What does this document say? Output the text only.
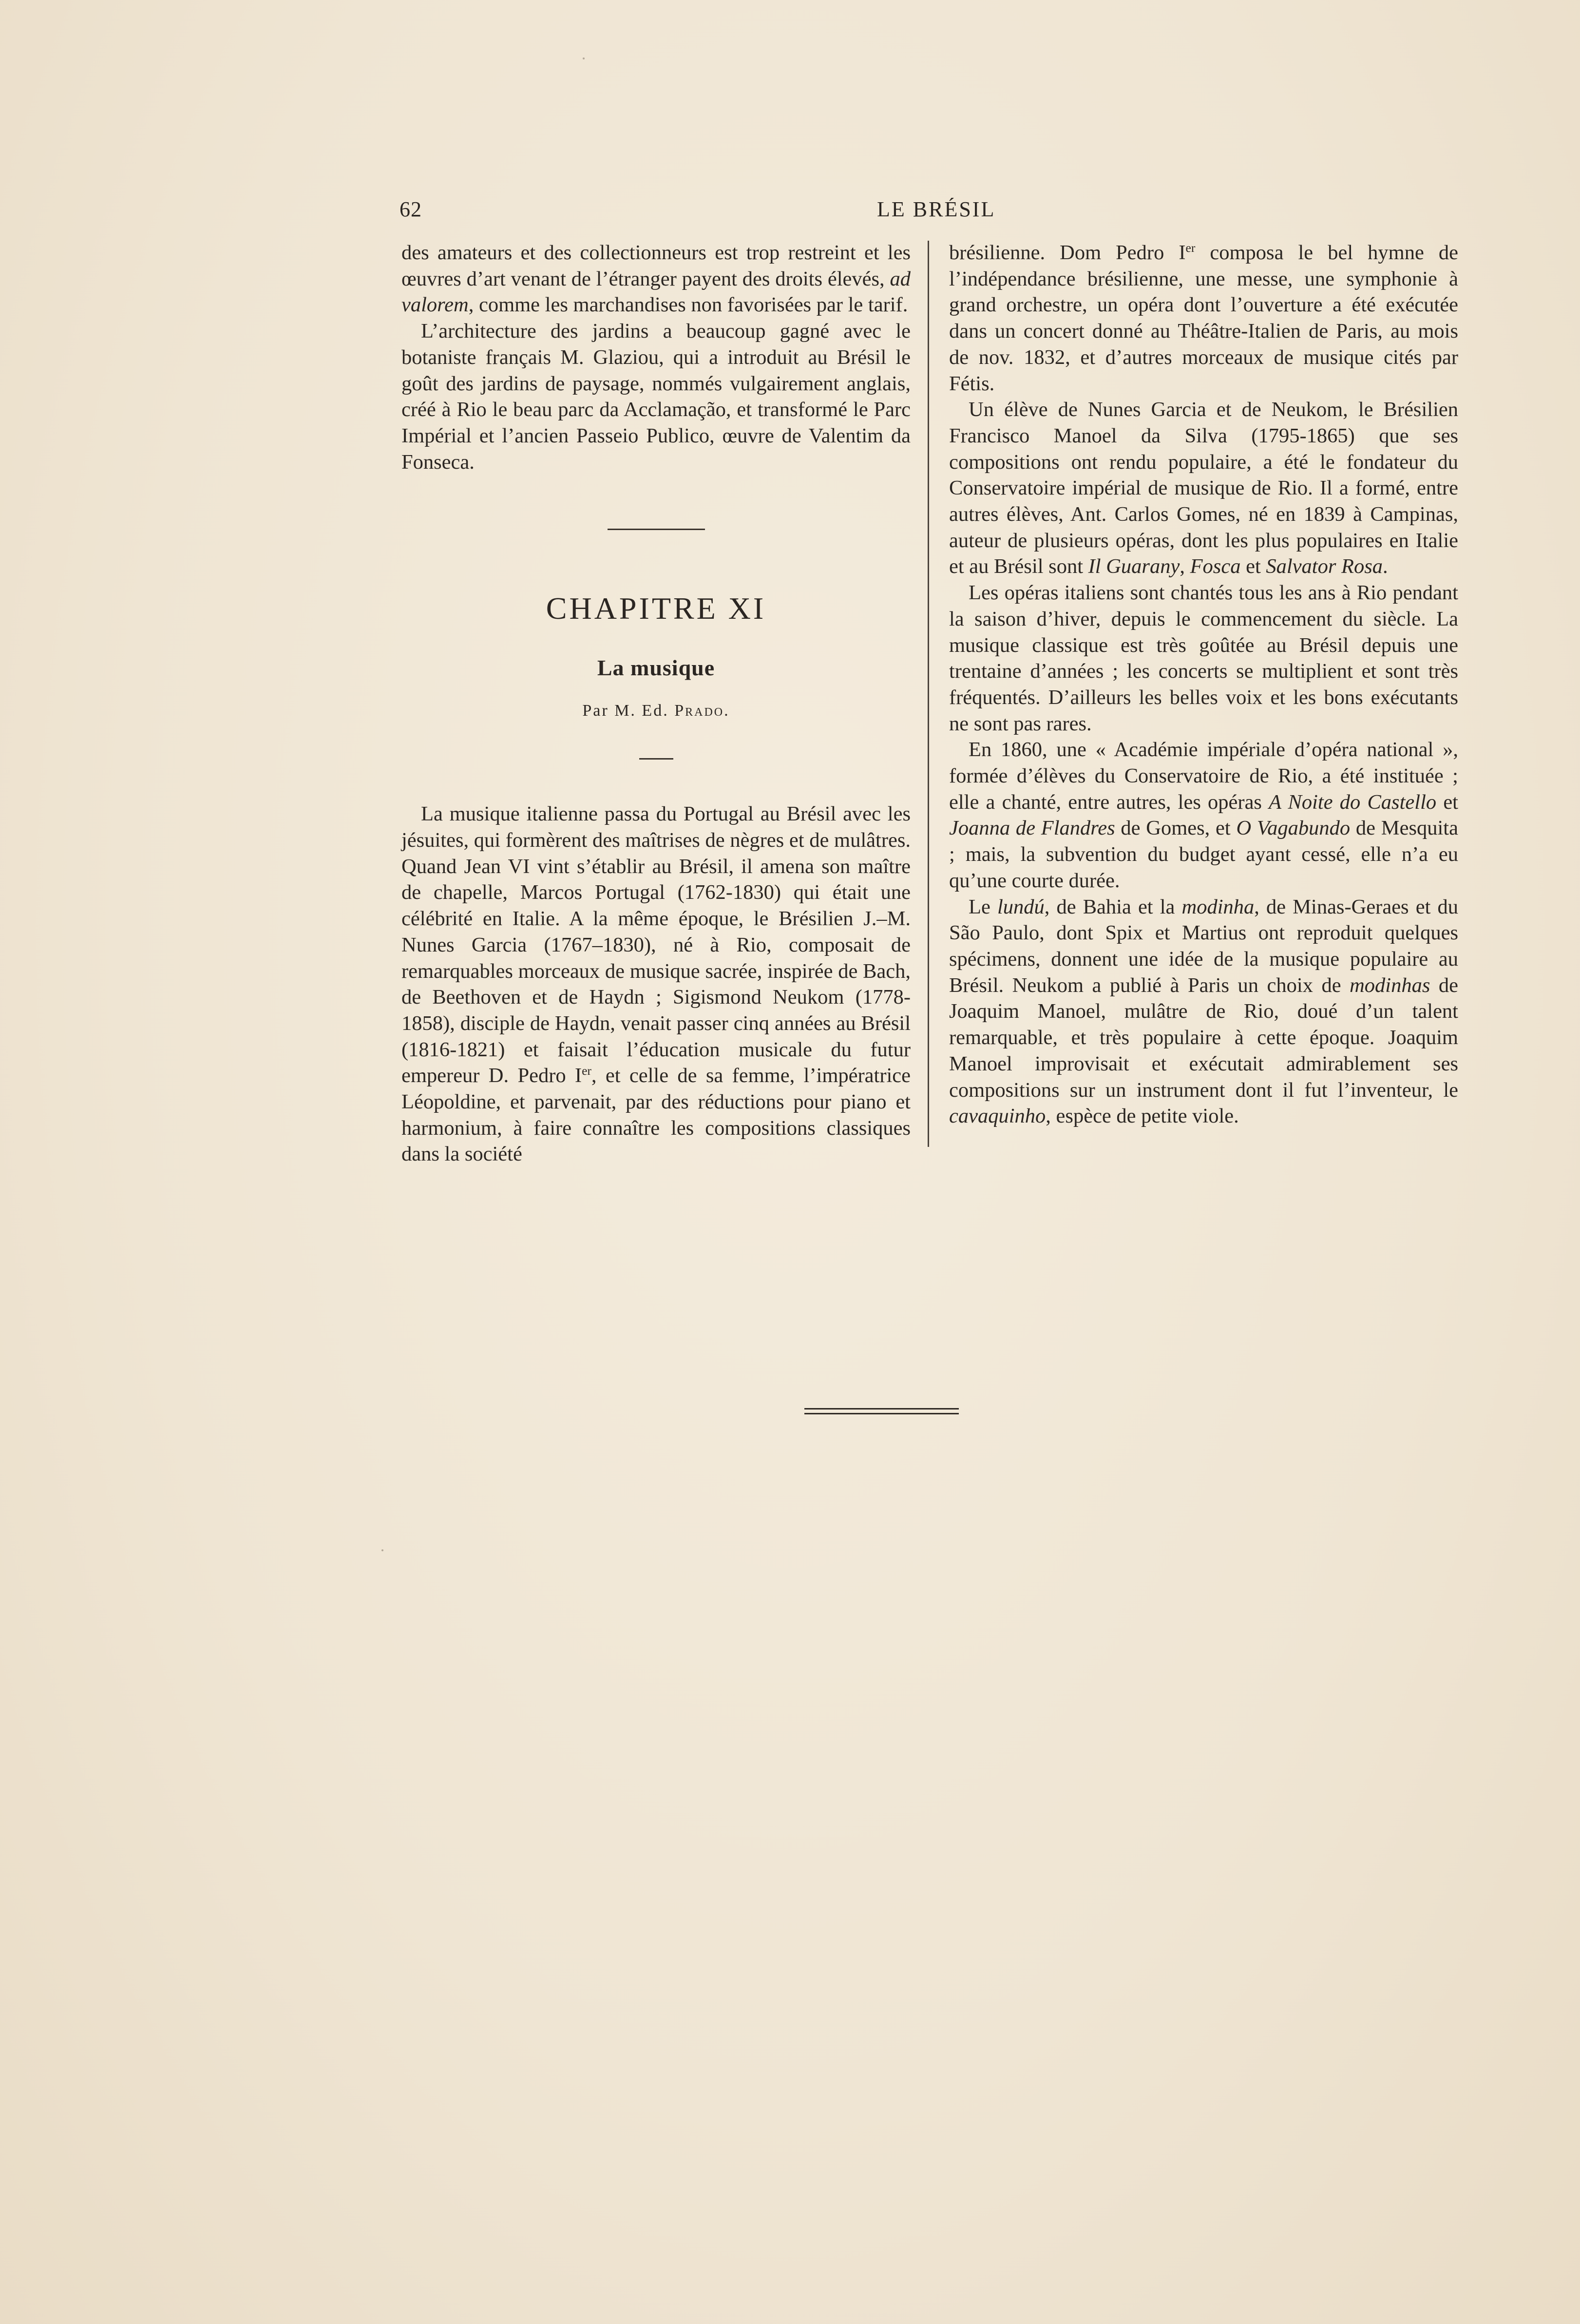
62	LE BRÉSIL

des amateurs et des collectionneurs est trop restreint et les œuvres d’art venant de l’étranger payent des droits élevés, ad valorem, comme les marchandises non favorisées par le tarif.

L’architecture des jardins a beaucoup gagné avec le botaniste français M. Glaziou, qui a introduit au Brésil le goût des jardins de paysage, nommés vulgairement anglais, créé à Rio le beau parc da Acclamação, et transformé le Parc Impérial et l’ancien Passeio Publico, œuvre de Valentim da Fonseca.

CHAPITRE XI
La musique
Par M. Ed. Prado.

La musique italienne passa du Portugal au Brésil avec les jésuites, qui formèrent des maîtrises de nègres et de mulâtres. Quand Jean VI vint s’établir au Brésil, il amena son maître de chapelle, Marcos Portugal (1762-1830) qui était une célébrité en Italie. A la même époque, le Brésilien J.–M. Nunes Garcia (1767–1830), né à Rio, composait de remarquables morceaux de musique sacrée, inspirée de Bach, de Beethoven et de Haydn ; Sigismond Neukom (1778-1858), disciple de Haydn, venait passer cinq années au Brésil (1816-1821) et faisait l’éducation musicale du futur empereur D. Pedro Ier, et celle de sa femme, l’impératrice Léopoldine, et parvenait, par des réductions pour piano et harmonium, à faire connaître les compositions classiques dans la société

brésilienne. Dom Pedro Ier composa le bel hymne de l’indépendance brésilienne, une messe, une symphonie à grand orchestre, un opéra dont l’ouverture a été exécutée dans un concert donné au Théâtre-Italien de Paris, au mois de nov. 1832, et d’autres morceaux de musique cités par Fétis.

Un élève de Nunes Garcia et de Neukom, le Brésilien Francisco Manoel da Silva (1795-1865) que ses compositions ont rendu populaire, a été le fondateur du Conservatoire impérial de musique de Rio. Il a formé, entre autres élèves, Ant. Carlos Gomes, né en 1839 à Campinas, auteur de plusieurs opéras, dont les plus populaires en Italie et au Brésil sont Il Guarany, Fosca et Salvator Rosa.

Les opéras italiens sont chantés tous les ans à Rio pendant la saison d’hiver, depuis le commencement du siècle. La musique classique est très goûtée au Brésil depuis une trentaine d’années ; les concerts se multiplient et sont très fréquentés. D’ailleurs les belles voix et les bons exécutants ne sont pas rares.

En 1860, une « Académie impériale d’opéra national », formée d’élèves du Conservatoire de Rio, a été instituée ; elle a chanté, entre autres, les opéras A Noite do Castello et Joanna de Flandres de Gomes, et O Vagabundo de Mesquita ; mais, la subvention du budget ayant cessé, elle n’a eu qu’une courte durée.

Le lundú, de Bahia et la modinha, de Minas-Geraes et du São Paulo, dont Spix et Martius ont reproduit quelques spécimens, donnent une idée de la musique populaire au Brésil. Neukom a publié à Paris un choix de modinhas de Joaquim Manoel, mulâtre de Rio, doué d’un talent remarquable, et très populaire à cette époque. Joaquim Manoel improvisait et exécutait admirablement ses compositions sur un instrument dont il fut l’inventeur, le cavaquinho, espèce de petite viole.
